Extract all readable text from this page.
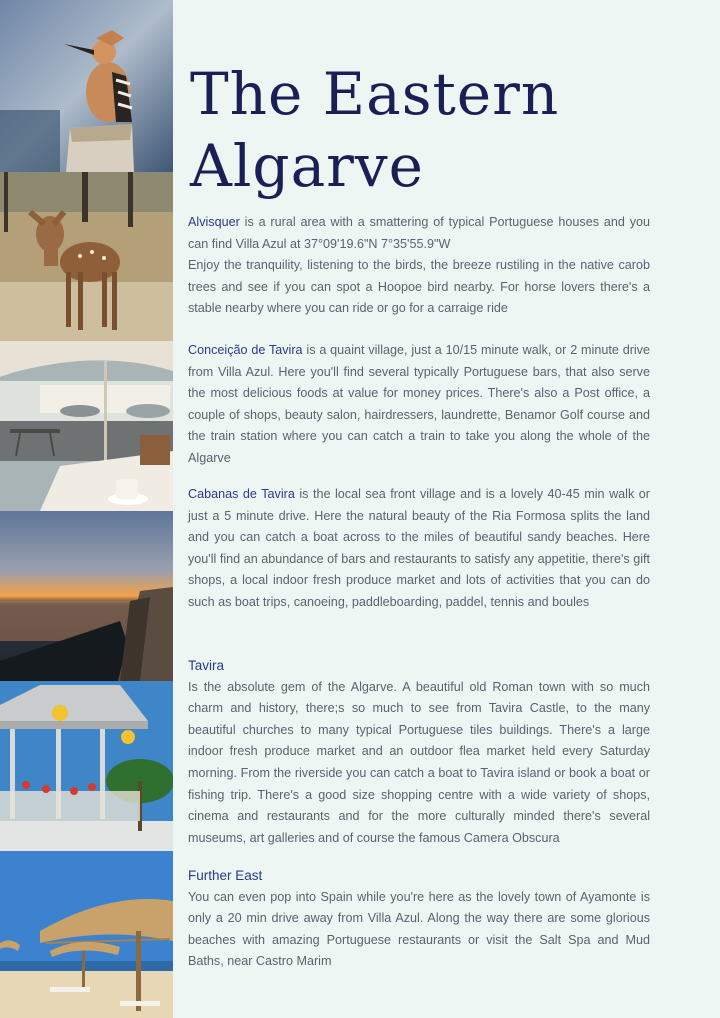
The Eastern
Algarve

Alvisquer is a rural area with a smattering of typical Portuguese houses and you can find Villa Azul at 37°09'19.6"N 7°35'55.9"W

Enjoy the tranquility, listening to the birds, the breeze rustiling in the native carob trees and see if you can spot a Hoopoe bird nearby. For horse lovers there's a stable nearby where you can ride or go for a carraige ride

Conceição de Tavira is a quaint village, just a 10/15 minute walk, or 2 minute drive from Villa Azul. Here you'll find several typically Portuguese bars, that also serve the most delicious foods at value for money prices. There's also a Post office, a couple of shops, beauty salon, hairdressers, laundrette, Benamor Golf course and the train station where you can catch a train to take you along the whole of the Algarve

Cabanas de Tavira is the local sea front village and is a lovely 40-45 min walk or just a 5 minute drive. Here the natural beauty of the Ria Formosa splits the land and you can catch a boat across to the miles of beautiful sandy beaches. Here you'll find an abundance of bars and restaurants to satisfy any appetitie, there's gift shops, a local indoor fresh produce market and lots of activities that you can do such as boat trips, canoeing, paddleboarding, paddel, tennis and boules

Tavira

Is the absolute gem of the Algarve. A beautiful old Roman town with so much charm and history, there;s so much to see from Tavira Castle, to the many beautiful churches to many typical Portuguese tiles buildings. There's a large indoor fresh produce market and an outdoor flea market held every Saturday morning. From the riverside you can catch a boat to Tavira island or book a boat or fishing trip. There's a good size shopping centre with a wide variety of shops, cinema and restaurants and for the more culturally minded there's several museums, art galleries and of course the famous Camera Obscura

Further East

You can even pop into Spain while you're here as the lovely town of Ayamonte is only a 20 min drive away from Villa Azul. Along the way there are some glorious beaches with amazing Portuguese restaurants or visit the Salt Spa and Mud Baths, near Castro Marim
